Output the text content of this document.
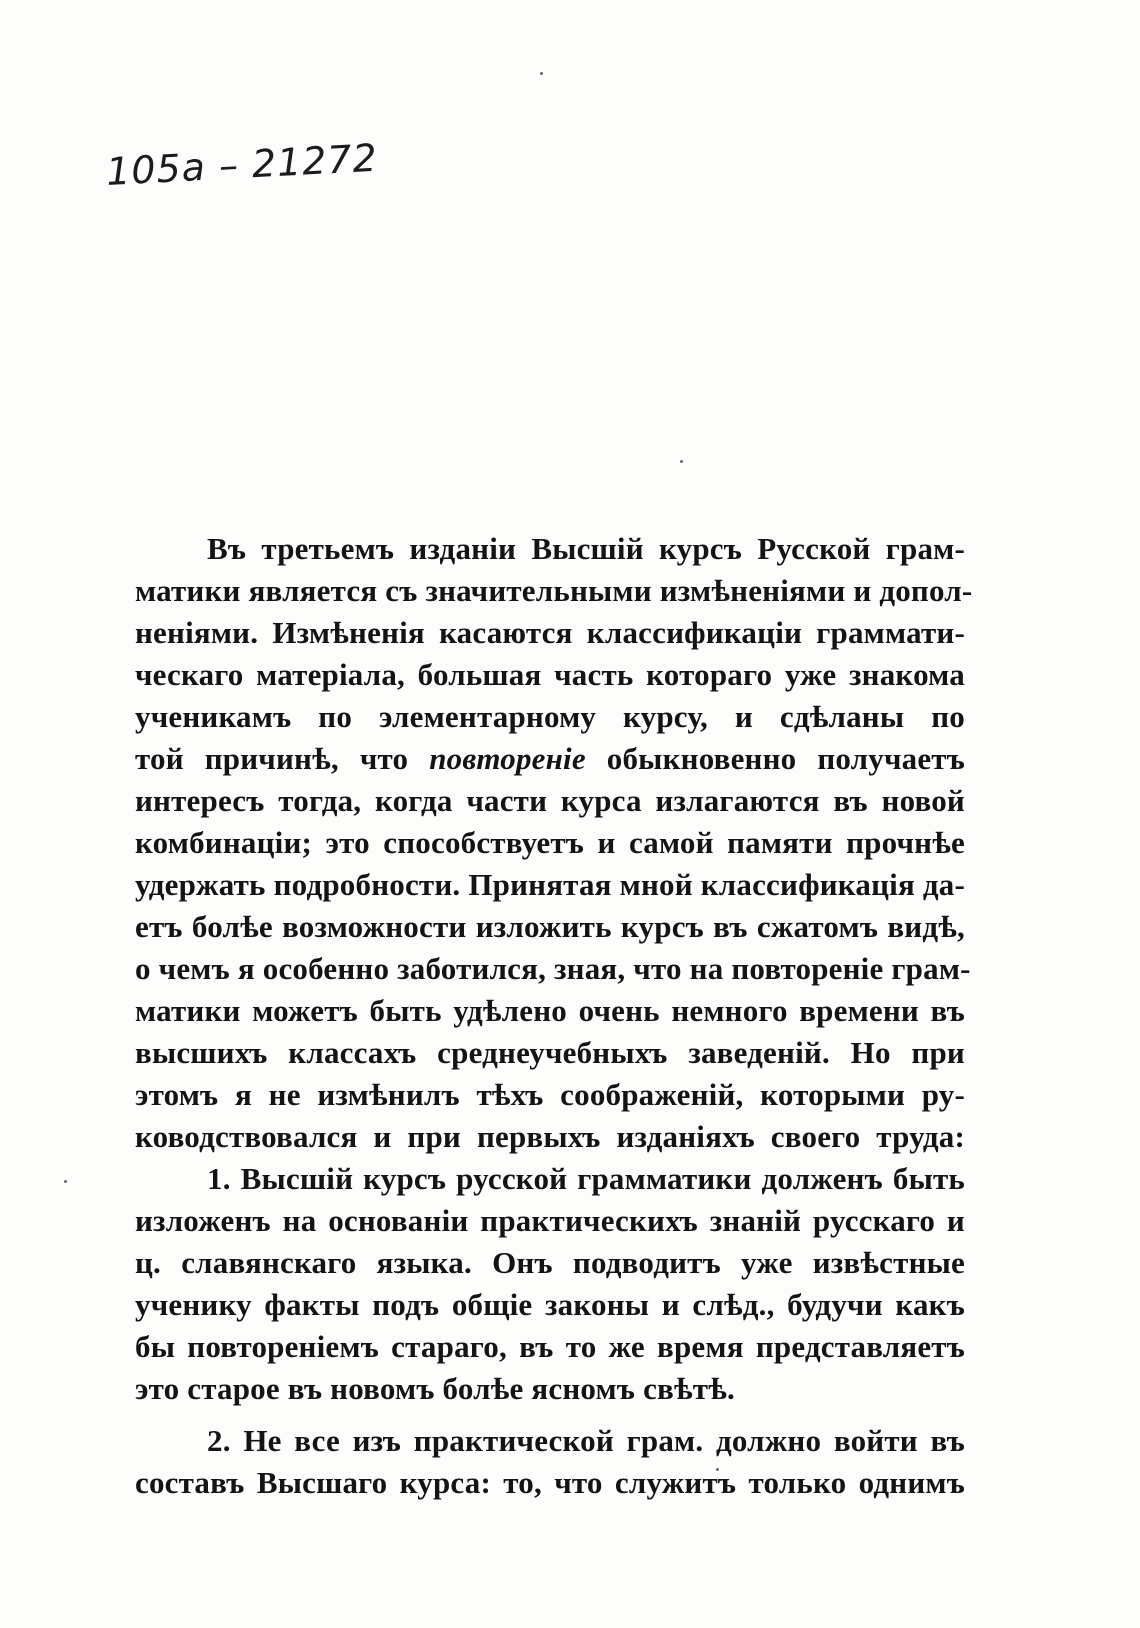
105a – 21272
Въ третьемъ изданіи Высшій курсъ Русской грам-
матики является съ значительными измѣненіями и допол-
неніями. Измѣненія касаются классификаціи граммати-
ческаго матеріала, большая часть котораго уже знакома
ученикамъ по элементарному курсу, и сдѣланы по
той причинѣ, что повтореніе обыкновенно получаетъ
интересъ тогда, когда части курса излагаются въ новой
комбинаціи; это способствуетъ и самой памяти прочнѣе
удержать подробности. Принятая мной классификація да-
етъ болѣе возможности изложить курсъ въ сжатомъ видѣ,
о чемъ я особенно заботился, зная, что на повтореніе грам-
матики можетъ быть удѣлено очень немного времени въ
высшихъ классахъ среднеучебныхъ заведеній. Но при
этомъ я не измѣнилъ тѣхъ соображеній, которыми ру-
ководствовался и при первыхъ изданіяхъ своего труда:
1. Высшій курсъ русской грамматики долженъ быть
изложенъ на основаніи практическихъ знаній русскаго и
ц. славянскаго языка. Онъ подводитъ уже извѣстные
ученику факты подъ общіе законы и слѣд., будучи какъ
бы повтореніемъ стараго, въ то же время представляетъ
это старое въ новомъ болѣе ясномъ свѣтѣ.
2. Не все изъ практической грам. должно войти въ
составъ Высшаго курса: то, что служитъ только однимъ
